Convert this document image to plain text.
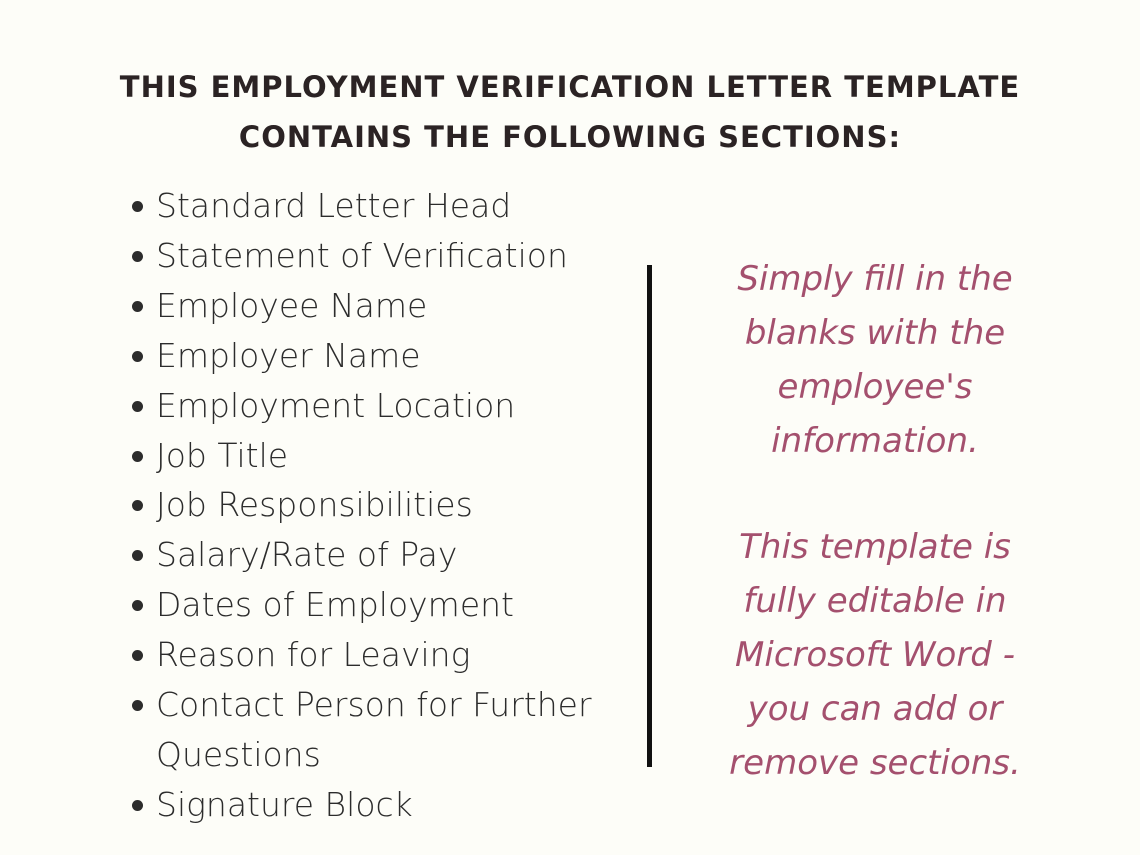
THIS EMPLOYMENT VERIFICATION LETTER TEMPLATE
CONTAINS THE FOLLOWING SECTIONS:
Standard Letter Head
Statement of Verification
Employee Name
Employer Name
Employment Location
Job Title
Job Responsibilities
Salary/Rate of Pay
Dates of Employment
Reason for Leaving
Contact Person for Further
Questions
Signature Block
Simply fill in the
blanks with the
employee's
information.
This template is
fully editable in
Microsoft Word -
you can add or
remove sections.
